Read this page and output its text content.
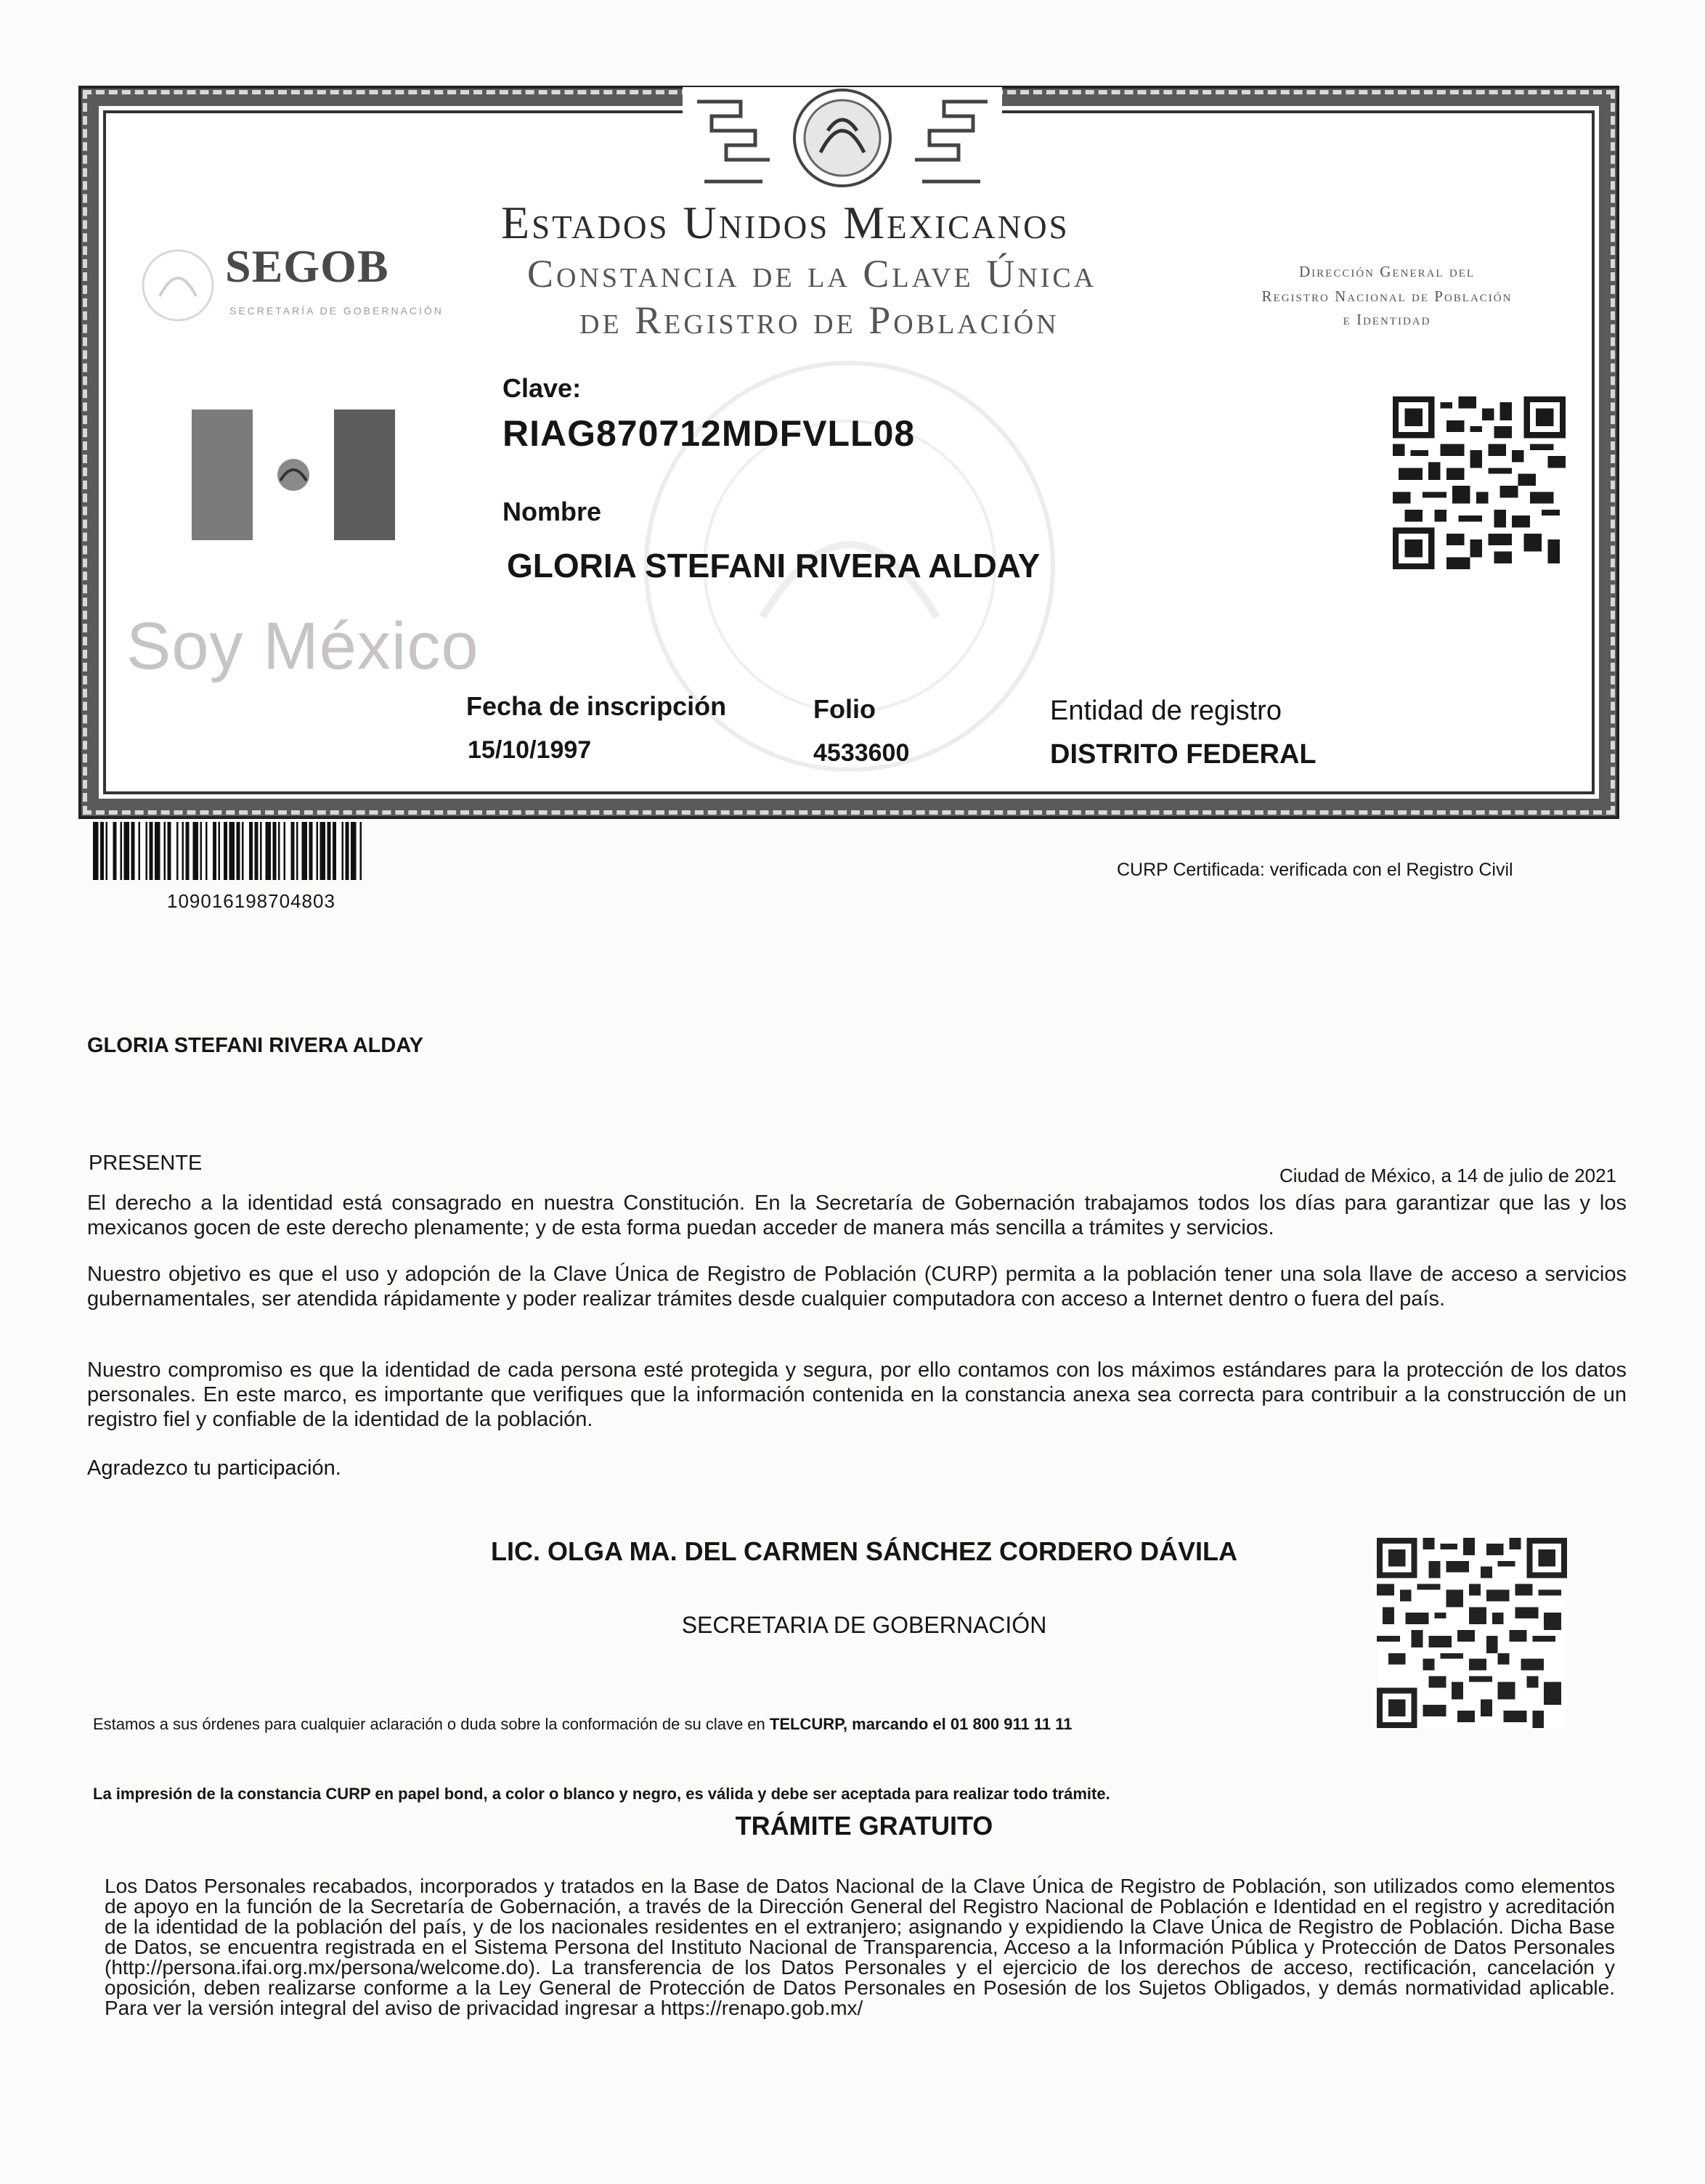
SEGOB
SECRETARÍA DE GOBERNACIÓN
Estados Unidos Mexicanos
Constancia de la Clave Única
de Registro de Población
Dirección General del
Registro Nacional de Población
e Identidad
Soy México
Clave:
RIAG870712MDFVLL08
Nombre
GLORIA STEFANI RIVERA ALDAY
Fecha de inscripción
15/10/1997
Folio
4533600
Entidad de registro
DISTRITO FEDERAL
109016198704803
CURP Certificada: verificada con el Registro Civil
GLORIA STEFANI RIVERA ALDAY
PRESENTE
Ciudad de México, a 14 de julio de 2021
El derecho a la identidad está consagrado en nuestra Constitución. En la Secretaría de Gobernación trabajamos todos los días para garantizar que las y los mexicanos gocen de este derecho plenamente; y de esta forma puedan acceder de manera más sencilla a trámites y servicios.
Nuestro objetivo es que el uso y adopción de la Clave Única de Registro de Población (CURP) permita a la población tener una sola llave de acceso a servicios gubernamentales, ser atendida rápidamente y poder realizar trámites desde cualquier computadora con acceso a Internet dentro o fuera del país.
Nuestro compromiso es que la identidad de cada persona esté protegida y segura, por ello contamos con los máximos estándares para la protección de los datos personales. En este marco, es importante que verifiques que la información contenida en la constancia anexa sea correcta para contribuir a la construcción de un registro fiel y confiable de la identidad de la población.
Agradezco tu participación.
LIC. OLGA MA. DEL CARMEN SÁNCHEZ CORDERO DÁVILA
SECRETARIA DE GOBERNACIÓN
Estamos a sus órdenes para cualquier aclaración o duda sobre la conformación de su clave en TELCURP, marcando el 01 800 911 11 11
La impresión de la constancia CURP en papel bond, a color o blanco y negro, es válida y debe ser aceptada para realizar todo trámite.
TRÁMITE GRATUITO
Los Datos Personales recabados, incorporados y tratados en la Base de Datos Nacional de la Clave Única de Registro de Población, son utilizados como elementos de apoyo en la función de la Secretaría de Gobernación, a través de la Dirección General del Registro Nacional de Población e Identidad en el registro y acreditación de la identidad de la población del país, y de los nacionales residentes en el extranjero; asignando y expidiendo la Clave Única de Registro de Población. Dicha Base de Datos, se encuentra registrada en el Sistema Persona del Instituto Nacional de Transparencia, Acceso a la Información Pública y Protección de Datos Personales (http://persona.ifai.org.mx/persona/welcome.do). La transferencia de los Datos Personales y el ejercicio de los derechos de acceso, rectificación, cancelación y oposición, deben realizarse conforme a la Ley General de Protección de Datos Personales en Posesión de los Sujetos Obligados, y demás normatividad aplicable. Para ver la versión integral del aviso de privacidad ingresar a https://renapo.gob.mx/
